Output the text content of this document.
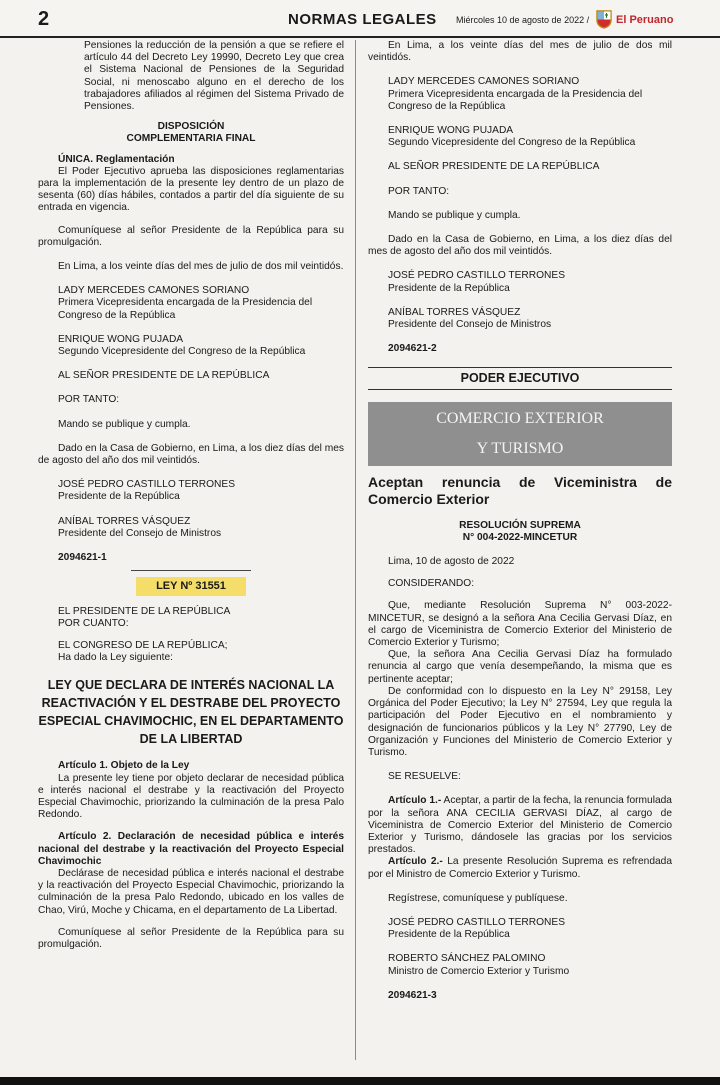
2	NORMAS LEGALES Miércoles 10 de agosto de 2022 / El Peruano

Pensiones la reducción de la pensión a que se refiere el artículo 44 del Decreto Ley 19990, Decreto Ley que crea el Sistema Nacional de Pensiones de la Seguridad Social, ni menoscabo alguno en el derecho de los trabajadores afiliados al régimen del Sistema Privado de Pensiones.

DISPOSICIÓN

COMPLEMENTARIA FINAL

ÚNICA. Reglamentación

El Poder Ejecutivo aprueba las disposiciones reglamentarias para la implementación de la presente ley dentro de un plazo de sesenta (60) días hábiles, contados a partir del día siguiente de su entrada en vigencia.

Comuníquese al señor Presidente de la República para su promulgación.

En Lima, a los veinte días del mes de julio de dos mil veintidós.

LADY MERCEDES CAMONES SORIANO

Primera Vicepresidenta encargada de la Presidencia del Congreso de la República

ENRIQUE WONG PUJADA

Segundo Vicepresidente del Congreso de la República

AL SEÑOR PRESIDENTE DE LA REPÚBLICA

POR TANTO:

Mando se publique y cumpla.

Dado en la Casa de Gobierno, en Lima, a los diez días del mes de agosto del año dos mil veintidós.

JOSÉ PEDRO CASTILLO TERRONES

Presidente de la República

ANÍBAL TORRES VÁSQUEZ

Presidente del Consejo de Ministros

2094621-1

LEY Nº 31551

EL PRESIDENTE DE LA REPÚBLICA

POR CUANTO:

EL CONGRESO DE LA REPÚBLICA;

Ha dado la Ley siguiente:

LEY QUE DECLARA DE INTERÉS NACIONAL LA REACTIVACIÓN Y EL DESTRABE DEL PROYECTO ESPECIAL CHAVIMOCHIC, EN EL DEPARTAMENTO DE LA LIBERTAD

Artículo 1. Objeto de la Ley

La presente ley tiene por objeto declarar de necesidad pública e interés nacional el destrabe y la reactivación del Proyecto Especial Chavimochic, priorizando la culminación de la presa Palo Redondo.

Artículo 2. Declaración de necesidad pública e interés nacional del destrabe y la reactivación del Proyecto Especial Chavimochic

Declárase de necesidad pública e interés nacional el destrabe y la reactivación del Proyecto Especial Chavimochic, priorizando la culminación de la presa Palo Redondo, ubicado en los valles de Chao, Virú, Moche y Chicama, en el departamento de La Libertad.

Comuníquese al señor Presidente de la República para su promulgación.

En Lima, a los veinte días del mes de julio de dos mil veintidós.

LADY MERCEDES CAMONES SORIANO

Primera Vicepresidenta encargada de la Presidencia del Congreso de la República

ENRIQUE WONG PUJADA

Segundo Vicepresidente del Congreso de la República

AL SEÑOR PRESIDENTE DE LA REPÚBLICA

POR TANTO:

Mando se publique y cumpla.

Dado en la Casa de Gobierno, en Lima, a los diez días del mes de agosto del año dos mil veintidós.

JOSÉ PEDRO CASTILLO TERRONES

Presidente de la República

ANÍBAL TORRES VÁSQUEZ

Presidente del Consejo de Ministros

2094621-2

PODER EJECUTIVO
COMERCIO EXTERIOR
Y TURISMO

Aceptan renuncia de Viceministra de Comercio Exterior

RESOLUCIÓN SUPREMA

N° 004-2022-MINCETUR

Lima, 10 de agosto de 2022

CONSIDERANDO:

Que, mediante Resolución Suprema N° 003-2022-MINCETUR, se designó a la señora Ana Cecilia Gervasi Díaz, en el cargo de Viceministra de Comercio Exterior del Ministerio de Comercio Exterior y Turismo;

Que, la señora Ana Cecilia Gervasi Díaz ha formulado renuncia al cargo que venía desempeñando, la misma que es pertinente aceptar;

De conformidad con lo dispuesto en la Ley N° 29158, Ley Orgánica del Poder Ejecutivo; la Ley N° 27594, Ley que regula la participación del Poder Ejecutivo en el nombramiento y designación de funcionarios públicos y la Ley N° 27790, Ley de Organización y Funciones del Ministerio de Comercio Exterior y Turismo.

SE RESUELVE:

Artículo 1.- Aceptar, a partir de la fecha, la renuncia formulada por la señora ANA CECILIA GERVASI DÍAZ, al cargo de Viceministra de Comercio Exterior del Ministerio de Comercio Exterior y Turismo, dándosele las gracias por los servicios prestados.

Artículo 2.- La presente Resolución Suprema es refrendada por el Ministro de Comercio Exterior y Turismo.

Regístrese, comuníquese y publíquese.

JOSÉ PEDRO CASTILLO TERRONES

Presidente de la República

ROBERTO SÁNCHEZ PALOMINO

Ministro de Comercio Exterior y Turismo

2094621-3
